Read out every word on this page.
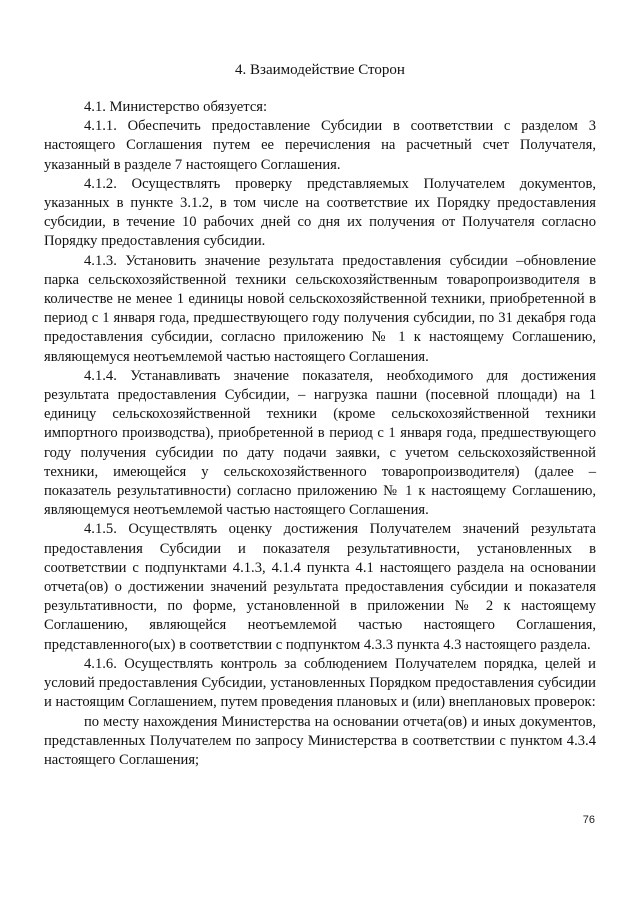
4. Взаимодействие Сторон

4.1. Министерство обязуется:

4.1.1. Обеспечить предоставление Субсидии в соответствии с разделом 3 настоящего Соглашения путем ее перечисления на расчетный счет Получателя, указанный в разделе 7 настоящего Соглашения.

4.1.2. Осуществлять проверку представляемых Получателем документов, указанных в пункте 3.1.2, в том числе на соответствие их Порядку предоставления субсидии, в течение 10 рабочих дней со дня их получения от Получателя согласно Порядку предоставления субсидии.

4.1.3. Установить значение результата предоставления субсидии –обновление парка сельскохозяйственной техники сельскохозяйственным товаропроизводителя в количестве не менее 1 единицы новой сельскохозяйственной техники, приобретенной в период с 1 января года, предшествующего году получения субсидии, по 31 декабря года предоставления субсидии, согласно приложению № 1 к настоящему Соглашению, являющемуся неотъемлемой частью настоящего Соглашения.

4.1.4. Устанавливать значение показателя, необходимого для достижения результата предоставления Субсидии, – нагрузка пашни (посевной площади) на 1 единицу сельскохозяйственной техники (кроме сельскохозяйственной техники импортного производства), приобретенной в период с 1 января года, предшествующего году получения субсидии по дату подачи заявки, с учетом сельскохозяйственной техники, имеющейся у сельскохозяйственного товаропроизводителя) (далее – показатель результативности) согласно приложению № 1 к настоящему Соглашению, являющемуся неотъемлемой частью настоящего Соглашения.

4.1.5. Осуществлять оценку достижения Получателем значений результата предоставления Субсидии и показателя результативности, установленных в соответствии с подпунктами 4.1.3, 4.1.4 пункта 4.1 настоящего раздела на основании отчета(ов) о достижении значений результата предоставления субсидии и показателя результативности, по форме, установленной в приложении № 2 к настоящему Соглашению, являющейся неотъемлемой частью настоящего Соглашения, представленного(ых) в соответствии с подпунктом 4.3.3 пункта 4.3 настоящего раздела.

4.1.6. Осуществлять контроль за соблюдением Получателем порядка, целей и условий предоставления Субсидии, установленных Порядком предоставления субсидии и настоящим Соглашением, путем проведения плановых и (или) внеплановых проверок:

по месту нахождения Министерства на основании отчета(ов) и иных документов, представленных Получателем по запросу Министерства в соответствии с пунктом 4.3.4 настоящего Соглашения;

76
